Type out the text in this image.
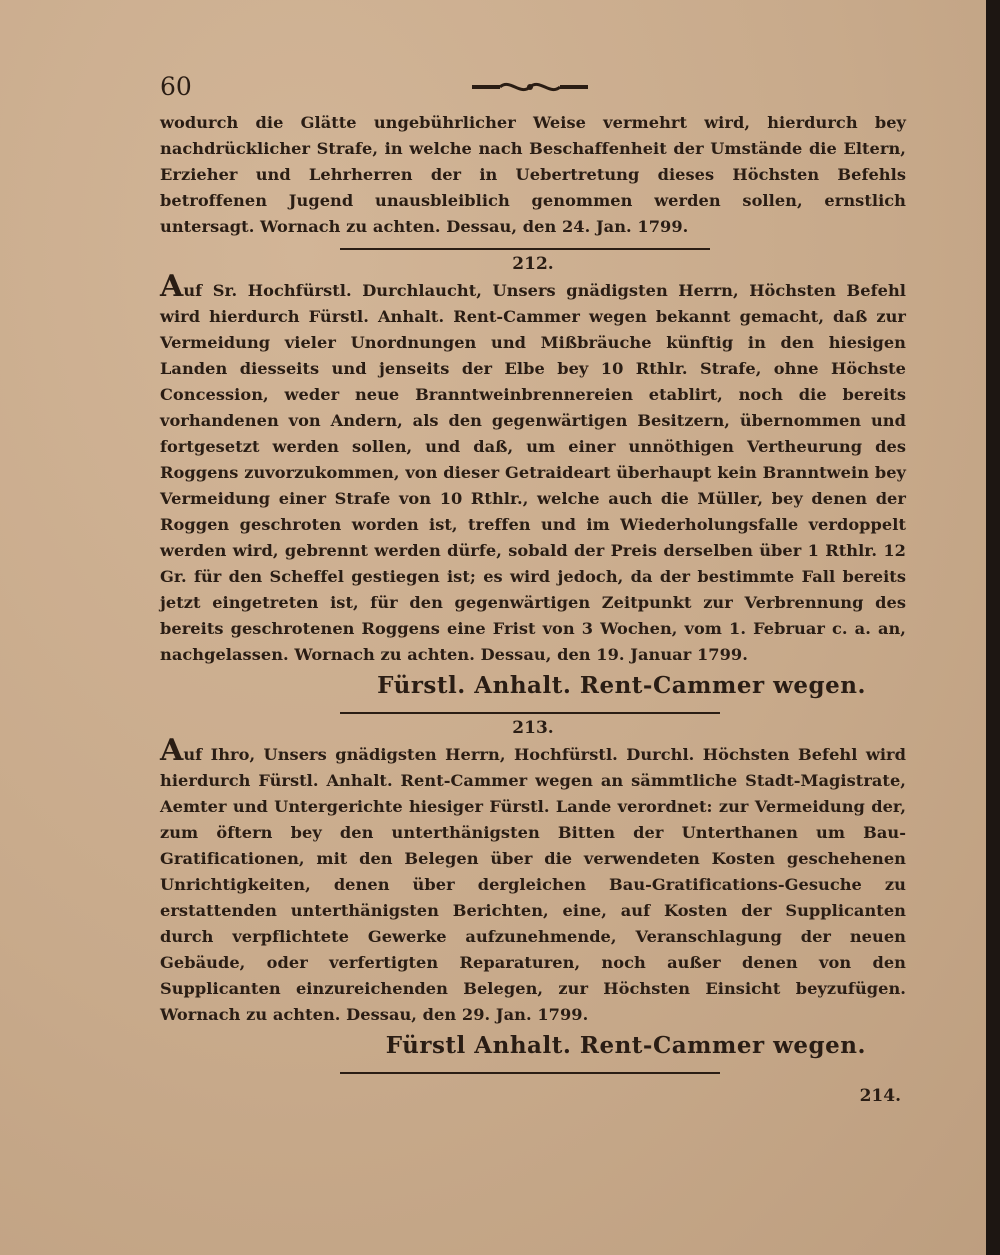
60

wodurch die Glätte ungebührlicher Weise vermehrt wird, hierdurch bey nachdrücklicher Strafe, in welche nach Beschaffenheit der Umstände die Eltern, Erzieher und Lehrherren der in Uebertretung dieses Höchsten Befehls betroffenen Jugend unausbleiblich genommen werden sollen, ernstlich untersagt. Wornach zu achten. Dessau, den 24. Jan. 1799.

212.

Auf Sr. Hochfürstl. Durchlaucht, Unsers gnädigsten Herrn, Höchsten Befehl wird hierdurch Fürstl. Anhalt. Rent-Cammer wegen bekannt gemacht, daß zur Vermeidung vieler Unordnungen und Mißbräuche künftig in den hiesigen Landen diesseits und jenseits der Elbe bey 10 Rthlr. Strafe, ohne Höchste Concession, weder neue Branntweinbrennereien etablirt, noch die bereits vorhandenen von Andern, als den gegenwärtigen Besitzern, übernommen und fortgesetzt werden sollen, und daß, um einer unnöthigen Vertheurung des Roggens zuvorzukommen, von dieser Getraideart überhaupt kein Branntwein bey Vermeidung einer Strafe von 10 Rthlr., welche auch die Müller, bey denen der Roggen geschroten worden ist, treffen und im Wiederholungsfalle verdoppelt werden wird, gebrennt werden dürfe, sobald der Preis derselben über 1 Rthlr. 12 Gr. für den Scheffel gestiegen ist; es wird jedoch, da der bestimmte Fall bereits jetzt eingetreten ist, für den gegenwärtigen Zeitpunkt zur Verbrennung des bereits geschrotenen Roggens eine Frist von 3 Wochen, vom 1. Februar c. a. an, nachgelassen. Wornach zu achten. Dessau, den 19. Januar 1799.

Fürstl. Anhalt. Rent-Cammer wegen.
213.

Auf Ihro, Unsers gnädigsten Herrn, Hochfürstl. Durchl. Höchsten Befehl wird hierdurch Fürstl. Anhalt. Rent-Cammer wegen an sämmtliche Stadt-Magistrate, Aemter und Untergerichte hiesiger Fürstl. Lande verordnet: zur Vermeidung der, zum öftern bey den unterthänigsten Bitten der Unterthanen um Bau-Gratificationen, mit den Belegen über die verwendeten Kosten geschehenen Unrichtigkeiten, denen über dergleichen Bau-Gratifications-Gesuche zu erstattenden unterthänigsten Berichten, eine, auf Kosten der Supplicanten durch verpflichtete Gewerke aufzunehmende, Veranschlagung der neuen Gebäude, oder verfertigten Reparaturen, noch außer denen von den Supplicanten einzureichenden Belegen, zur Höchsten Einsicht beyzufügen. Wornach zu achten. Dessau, den 29. Jan. 1799.

Fürstl Anhalt. Rent-Cammer wegen.
214.
